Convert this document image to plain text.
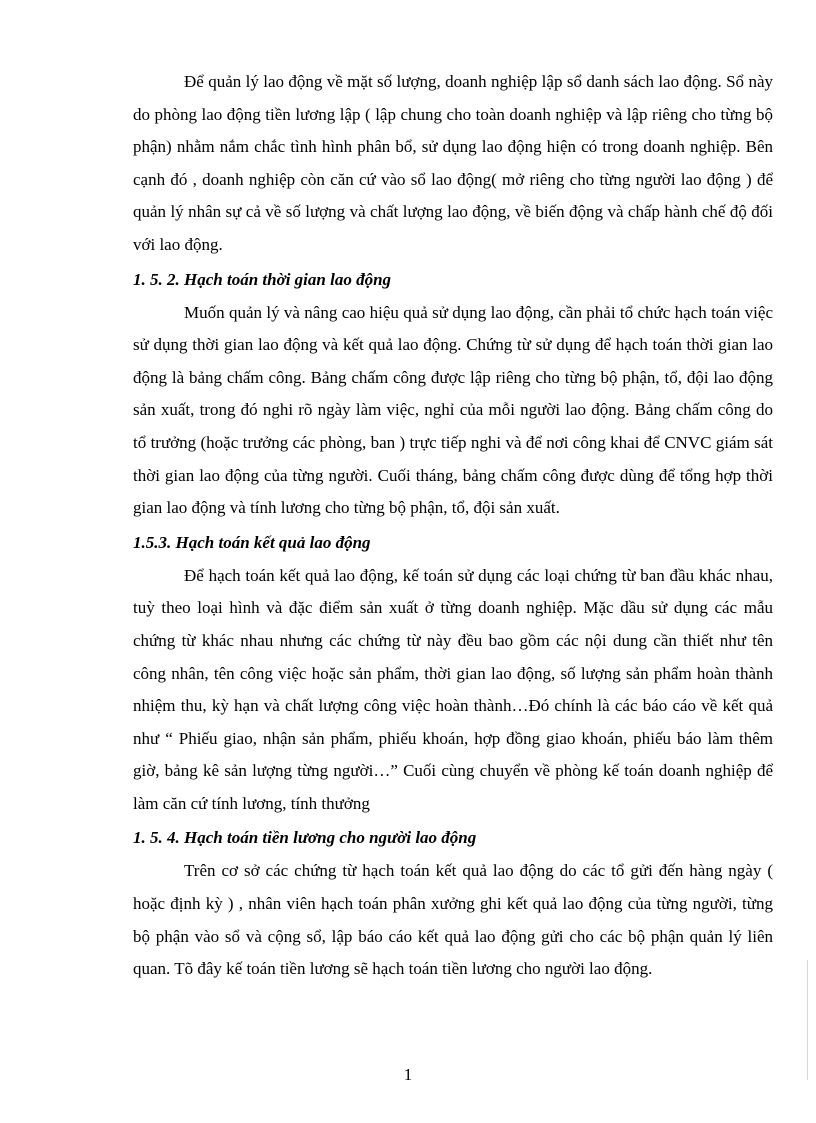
Để quản lý lao động về mặt số lượng, doanh nghiệp lập sổ danh sách lao động. Sổ này do phòng lao động tiền lương lập ( lập chung cho toàn doanh nghiệp và lập riêng cho từng bộ phận) nhằm nắm chắc tình hình phân bổ, sử dụng lao động hiện có trong doanh nghiệp. Bên cạnh đó , doanh nghiệp còn căn cứ vào sổ lao động( mở riêng cho từng người lao động ) để quản lý nhân sự cả về số lượng và chất lượng lao động, về biến động và chấp hành chế độ đối với lao động.

1. 5. 2. Hạch toán thời gian lao động

Muốn quản lý và nâng cao hiệu quả sử dụng lao động, cần phải tổ chức hạch toán việc sử dụng thời gian lao động và kết quả lao động. Chứng từ sử dụng để hạch toán thời gian lao động là bảng chấm công. Bảng chấm công được lập riêng cho từng bộ phận, tổ, đội lao động sản xuất, trong đó nghi rõ ngày làm việc, nghỉ của mỗi người lao động. Bảng chấm công do tổ trưởng (hoặc trưởng các phòng, ban ) trực tiếp nghi và để nơi công khai để CNVC giám sát thời gian lao động của từng người. Cuối tháng, bảng chấm công được dùng để tổng hợp thời gian lao động và tính lương cho từng bộ phận, tổ, đội sản xuất.

1.5.3. Hạch toán kết quả lao động

Để hạch toán kết quả lao động, kế toán sử dụng các loại chứng từ ban đầu khác nhau, tuỳ theo loại hình và đặc điểm sản xuất ở từng doanh nghiệp. Mặc dầu sử dụng các mẫu chứng từ khác nhau nhưng các chứng từ này đều bao gồm các nội dung cần thiết như tên công nhân, tên công việc hoặc sản phẩm, thời gian lao động, số lượng sản phẩm hoàn thành nhiệm thu, kỳ hạn và chất lượng công việc hoàn thành…Đó chính là các báo cáo về kết quả như “ Phiếu giao, nhận sản phẩm, phiếu khoán, hợp đồng giao khoán, phiếu báo làm thêm giờ, bảng kê sản lượng từng người…” Cuối cùng chuyển về phòng kế toán doanh nghiệp để làm căn cứ tính lương, tính thưởng

1. 5. 4. Hạch toán tiền lương cho người lao động

Trên cơ sở các chứng từ hạch toán kết quả lao động do các tổ gửi đến hàng ngày ( hoặc định kỳ ) , nhân viên hạch toán phân xưởng ghi kết quả lao động của từng người, từng bộ phận vào sổ và cộng sổ, lập báo cáo kết quả lao động gửi cho các bộ phận quản lý liên quan. Tõ đây kế toán tiền lương sẽ hạch toán tiền lương cho người lao động.

1
